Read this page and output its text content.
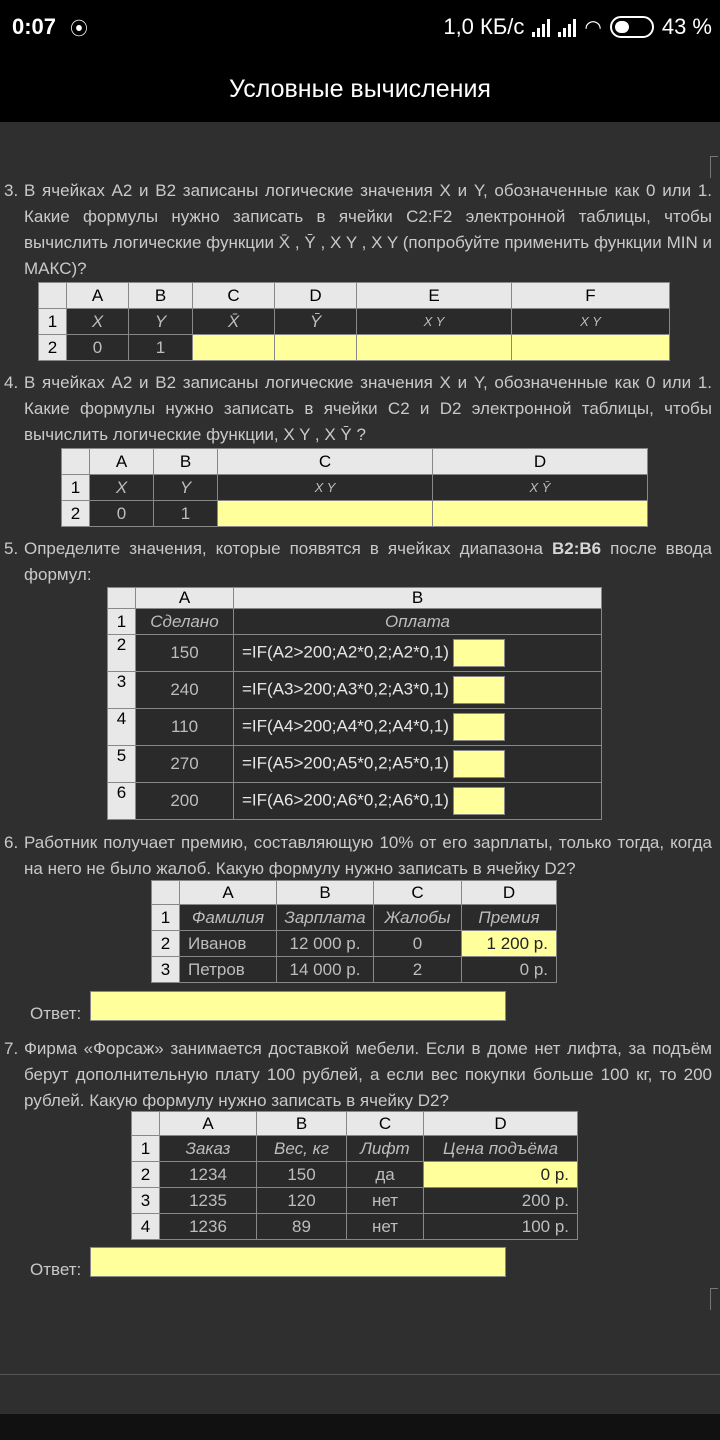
0:07 ⦿	1,0 КБ/с	◠	43 %
Условные вычисления
3. В ячейках A2 и B2 записаны логические значения X и Y, обозначенные как 0 или 1. Какие формулы нужно записать в ячейки C2:F2 электронной таблицы, чтобы вычислить логические функции X̄ , Ȳ , X Y , X Y (попробуйте применить функции MIN и МАКС)?
	A	B	C	D	E	F
1	X	Y	X̄	Ȳ	X Y	X Y
2	0	1				
4. В ячейках A2 и B2 записаны логические значения X и Y, обозначенные как 0 или 1. Какие формулы нужно записать в ячейки C2 и D2 электронной таблицы, чтобы вычислить логические функции, X Y , X Ȳ ?
	A	B	C	D
1	X	Y	X Y	X Ȳ
2	0	1		
5. Определите значения, которые появятся в ячейках диапазона B2:B6 после ввода формул:
	A	B
1	Сделано	Оплата
2	150	=IF(A2>200;A2*0,2;A2*0,1)
3	240	=IF(A3>200;A3*0,2;A3*0,1)
4	110	=IF(A4>200;A4*0,2;A4*0,1)
5	270	=IF(A5>200;A5*0,2;A5*0,1)
6	200	=IF(A6>200;A6*0,2;A6*0,1)
6. Работник получает премию, составляющую 10% от его зарплаты, только тогда, когда на него не было жалоб. Какую формулу нужно записать в ячейку D2?
	A	B	C	D
1	Фамилия	Зарплата	Жалобы	Премия
2	Иванов	12 000 р.	0	1 200 р.
3	Петров	14 000 р.	2	0 р.
Ответ:
7. Фирма «Форсаж» занимается доставкой мебели. Если в доме нет лифта, за подъём берут дополнительную плату 100 рублей, а если вес покупки больше 100 кг, то 200 рублей. Какую формулу нужно записать в ячейку D2?
	A	B	C	D
1	Заказ	Вес, кг	Лифт	Цена подъёма
2	1234	150	да	0 р.
3	1235	120	нет	200 р.
4	1236	89	нет	100 р.
Ответ:
